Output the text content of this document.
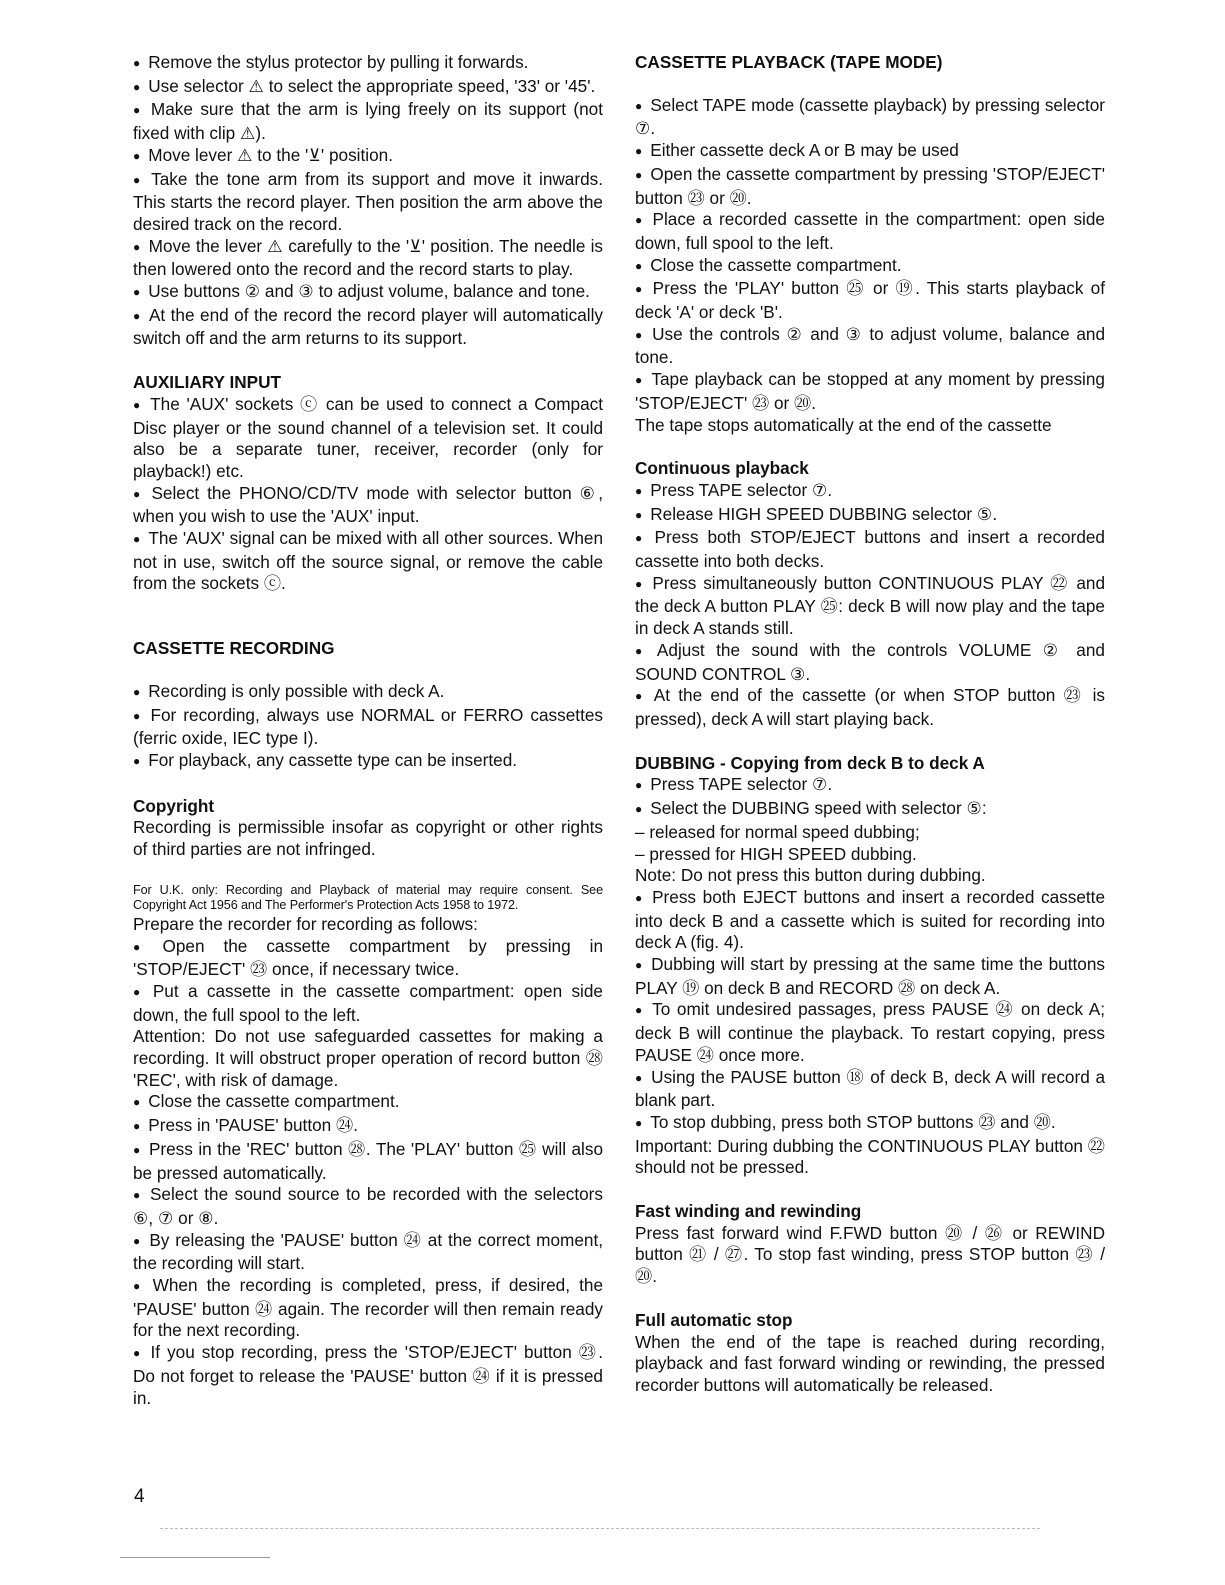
● Remove the stylus protector by pulling it forwards.

● Use selector ⚠ to select the appropriate speed, '33' or '45'.

● Make sure that the arm is lying freely on its support (not fixed with clip ⚠).

● Move lever ⚠ to the '⊻' position.

● Take the tone arm from its support and move it inwards. This starts the record player. Then position the arm above the desired track on the record.

● Move the lever ⚠ carefully to the '⊻' position. The needle is then lowered onto the record and the record starts to play.

● Use buttons ② and ③ to adjust volume, balance and tone.

● At the end of the record the record player will automatically switch off and the arm returns to its support.

AUXILIARY INPUT

● The 'AUX' sockets ⓒ can be used to connect a Compact Disc player or the sound channel of a television set. It could also be a separate tuner, receiver, recorder (only for playback!) etc.

● Select the PHONO/CD/TV mode with selector button ⑥, when you wish to use the 'AUX' input.

● The 'AUX' signal can be mixed with all other sources. When not in use, switch off the source signal, or remove the cable from the sockets ⓒ.

CASSETTE RECORDING

● Recording is only possible with deck A.

● For recording, always use NORMAL or FERRO cassettes (ferric oxide, IEC type I).

● For playback, any cassette type can be inserted.

Copyright

Recording is permissible insofar as copyright or other rights of third parties are not infringed.

For U.K. only: Recording and Playback of material may require consent. See Copyright Act 1956 and The Performer's Protection Acts 1958 to 1972.

Prepare the recorder for recording as follows:

● Open the cassette compartment by pressing in 'STOP/EJECT' ㉓ once, if necessary twice.

● Put a cassette in the cassette compartment: open side down, the full spool to the left.

Attention: Do not use safeguarded cassettes for making a recording. It will obstruct proper operation of record button ㉘ 'REC', with risk of damage.

● Close the cassette compartment.

● Press in 'PAUSE' button ㉔.

● Press in the 'REC' button ㉘. The 'PLAY' button ㉕ will also be pressed automatically.

● Select the sound source to be recorded with the selectors ⑥, ⑦ or ⑧.

● By releasing the 'PAUSE' button ㉔ at the correct moment, the recording will start.

● When the recording is completed, press, if desired, the 'PAUSE' button ㉔ again. The recorder will then remain ready for the next recording.

● If you stop recording, press the 'STOP/EJECT' button ㉓. Do not forget to release the 'PAUSE' button ㉔ if it is pressed in.

CASSETTE PLAYBACK (TAPE MODE)

● Select TAPE mode (cassette playback) by pressing selector ⑦.

● Either cassette deck A or B may be used

● Open the cassette compartment by pressing 'STOP/EJECT' button ㉓ or ⑳.

● Place a recorded cassette in the compartment: open side down, full spool to the left.

● Close the cassette compartment.

● Press the 'PLAY' button ㉕ or ⑲. This starts playback of deck 'A' or deck 'B'.

● Use the controls ② and ③ to adjust volume, balance and tone.

● Tape playback can be stopped at any moment by pressing 'STOP/EJECT' ㉓ or ⑳.

The tape stops automatically at the end of the cassette

Continuous playback

● Press TAPE selector ⑦.

● Release HIGH SPEED DUBBING selector ⑤.

● Press both STOP/EJECT buttons and insert a recorded cassette into both decks.

● Press simultaneously button CONTINUOUS PLAY ㉒ and the deck A button PLAY ㉕: deck B will now play and the tape in deck A stands still.

● Adjust the sound with the controls VOLUME ② and SOUND CONTROL ③.

● At the end of the cassette (or when STOP button ㉓ is pressed), deck A will start playing back.

DUBBING - Copying from deck B to deck A

● Press TAPE selector ⑦.

● Select the DUBBING speed with selector ⑤:

– released for normal speed dubbing;

– pressed for HIGH SPEED dubbing.

Note: Do not press this button during dubbing.

● Press both EJECT buttons and insert a recorded cassette into deck B and a cassette which is suited for recording into deck A (fig. 4).

● Dubbing will start by pressing at the same time the buttons PLAY ⑲ on deck B and RECORD ㉘ on deck A.

● To omit undesired passages, press PAUSE ㉔ on deck A; deck B will continue the playback. To restart copying, press PAUSE ㉔ once more.

● Using the PAUSE button ⑱ of deck B, deck A will record a blank part.

● To stop dubbing, press both STOP buttons ㉓ and ⑳.

Important: During dubbing the CONTINUOUS PLAY button ㉒ should not be pressed.

Fast winding and rewinding

Press fast forward wind F.FWD button ⑳ / ㉖ or REWIND button ㉑ / ㉗. To stop fast winding, press STOP button ㉓ / ⑳.

Full automatic stop

When the end of the tape is reached during recording, playback and fast forward winding or rewinding, the pressed recorder buttons will automatically be released.

4
